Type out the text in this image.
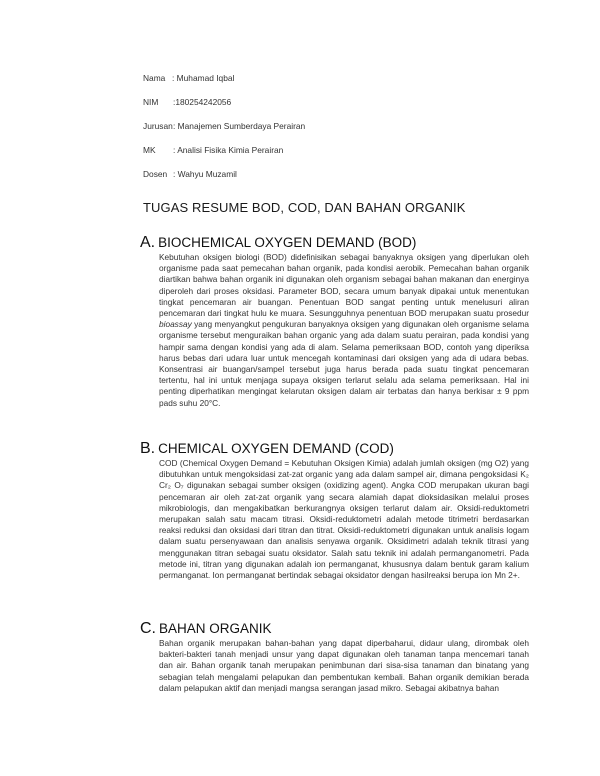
Nama : Muhamad Iqbal
NIM :180254242056
Jurusan : Manajemen Sumberdaya Perairan
MK : Analisi Fisika Kimia Perairan
Dosen : Wahyu Muzamil
TUGAS RESUME BOD, COD, DAN BAHAN ORGANIK
A. BIOCHEMICAL OXYGEN DEMAND (BOD)

Kebutuhan oksigen biologi (BOD) didefinisikan sebagai banyaknya oksigen yang diperlukan oleh organisme pada saat pemecahan bahan organik, pada kondisi aerobik. Pemecahan bahan organik diartikan bahwa bahan organik ini digunakan oleh organism sebagai bahan makanan dan energinya diperoleh dari proses oksidasi. Parameter BOD, secara umum banyak dipakai untuk menentukan tingkat pencemaran air buangan. Penentuan BOD sangat penting untuk menelusuri aliran pencemaran dari tingkat hulu ke muara. Sesungguhnya penentuan BOD merupakan suatu prosedur bioassay yang menyangkut pengukuran banyaknya oksigen yang digunakan oleh organisme selama organisme tersebut menguraikan bahan organic yang ada dalam suatu perairan, pada kondisi yang hampir sama dengan kondisi yang ada di alam. Selama pemeriksaan BOD, contoh yang diperiksa harus bebas dari udara luar untuk mencegah kontaminasi dari oksigen yang ada di udara bebas. Konsentrasi air buangan/sampel tersebut juga harus berada pada suatu tingkat pencemaran tertentu, hal ini untuk menjaga supaya oksigen terlarut selalu ada selama pemeriksaan. Hal ini penting diperhatikan mengingat kelarutan oksigen dalam air terbatas dan hanya berkisar ± 9 ppm pads suhu 20°C.

B. CHEMICAL OXYGEN DEMAND (COD)

COD (Chemical Oxygen Demand = Kebutuhan Oksigen Kimia) adalah jumlah oksigen (mg O2) yang dibutuhkan untuk mengoksidasi zat-zat organic yang ada dalam sampel air, dimana pengoksidasi K₂ Cr₂ O₇ digunakan sebagai sumber oksigen (oxidizing agent). Angka COD merupakan ukuran bagi pencemaran air oleh zat-zat organik yang secara alamiah dapat dioksidasikan melalui proses mikrobiologis, dan mengakibatkan berkurangnya oksigen terlarut dalam air. Oksidi-reduktometri merupakan salah satu macam titrasi. Oksidi-reduktometri adalah metode titrimetri berdasarkan reaksi reduksi dan oksidasi dari titran dan titrat. Oksidi-reduktometri digunakan untuk analisis logam dalam suatu persenyawaan dan analisis senyawa organik. Oksidimetri adalah teknik titrasi yang menggunakan titran sebagai suatu oksidator. Salah satu teknik ini adalah permanganometri. Pada metode ini, titran yang digunakan adalah ion permanganat, khususnya dalam bentuk garam kalium permanganat. Ion permanganat bertindak sebagai oksidator dengan hasilreaksi berupa ion Mn 2+.

C. BAHAN ORGANIK

Bahan organik merupakan bahan-bahan yang dapat diperbaharui, didaur ulang, dirombak oleh bakteri-bakteri tanah menjadi unsur yang dapat digunakan oleh tanaman tanpa mencemari tanah dan air. Bahan organik tanah merupakan penimbunan dari sisa-sisa tanaman dan binatang yang sebagian telah mengalami pelapukan dan pembentukan kembali. Bahan organik demikian berada dalam pelapukan aktif dan menjadi mangsa serangan jasad mikro. Sebagai akibatnya bahan
